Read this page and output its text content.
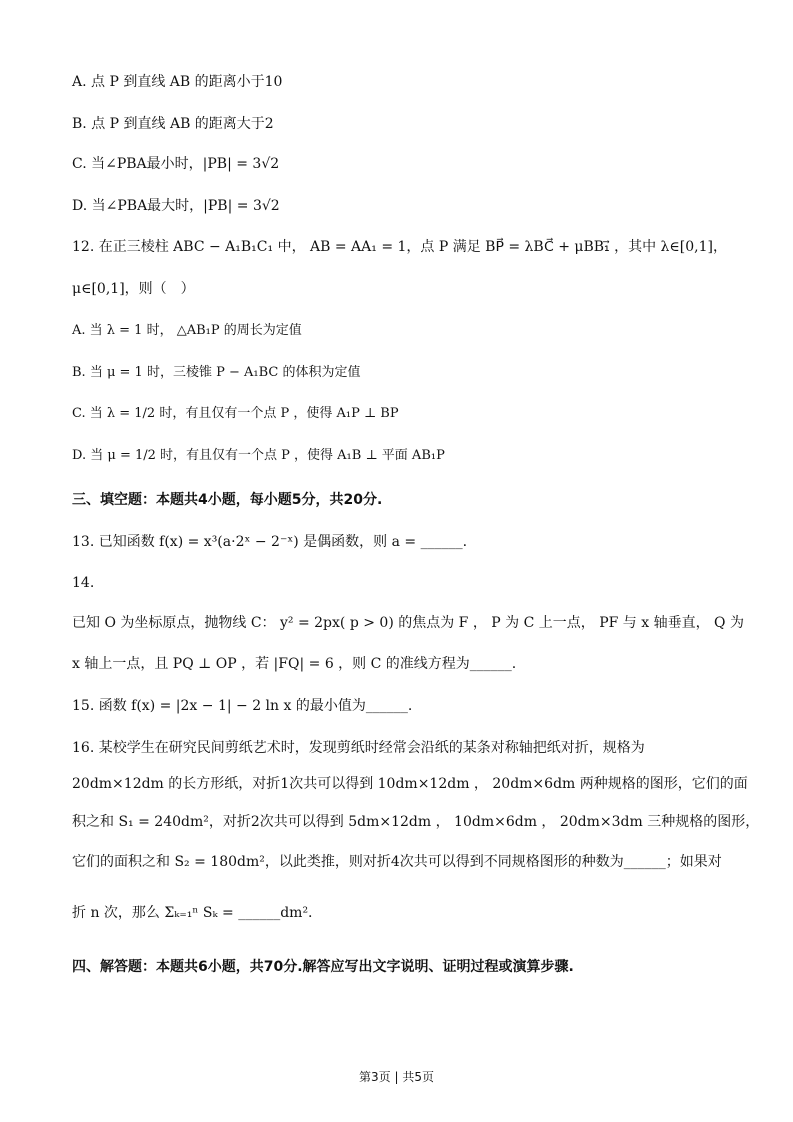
A. 点 P 到直线 AB 的距离小于10
B. 点 P 到直线 AB 的距离大于2
C. 当∠PBA最小时，|PB| = 3√2
D. 当∠PBA最大时，|PB| = 3√2
12. 在正三棱柱 ABC − A₁B₁C₁ 中， AB = AA₁ = 1，点 P 满足 BP⃗ = λBC⃗ + μBB₁⃗ ，其中 λ∈[0,1]，
μ∈[0,1]，则（　）
A. 当 λ = 1 时， △AB₁P 的周长为定值
B. 当 μ = 1 时，三棱锥 P − A₁BC 的体积为定值
C. 当 λ = 1/2 时，有且仅有一个点 P ，使得 A₁P ⊥ BP
D. 当 μ = 1/2 时，有且仅有一个点 P ，使得 A₁B ⊥ 平面 AB₁P
三、填空题：本题共4小题，每小题5分，共20分.
13. 已知函数 f(x) = x³(a·2ˣ − 2⁻ˣ) 是偶函数，则 a = ______.
14.
已知 O 为坐标原点，抛物线 C： y² = 2px( p > 0) 的焦点为 F ， P 为 C 上一点， PF 与 x 轴垂直， Q 为
x 轴上一点，且 PQ ⊥ OP ，若 |FQ| = 6 ，则 C 的准线方程为______.
15. 函数 f(x) = |2x − 1| − 2 ln x 的最小值为______.
16. 某校学生在研究民间剪纸艺术时，发现剪纸时经常会沿纸的某条对称轴把纸对折，规格为
20dm×12dm 的长方形纸，对折1次共可以得到 10dm×12dm ， 20dm×6dm 两种规格的图形，它们的面
积之和 S₁ = 240dm²，对折2次共可以得到 5dm×12dm ， 10dm×6dm ， 20dm×3dm 三种规格的图形，
它们的面积之和 S₂ = 180dm²，以此类推，则对折4次共可以得到不同规格图形的种数为______；如果对
折 n 次，那么 Σₖ₌₁ⁿ Sₖ = ______dm².
四、解答题：本题共6小题，共70分.解答应写出文字说明、证明过程或演算步骤.
第3页 | 共5页
